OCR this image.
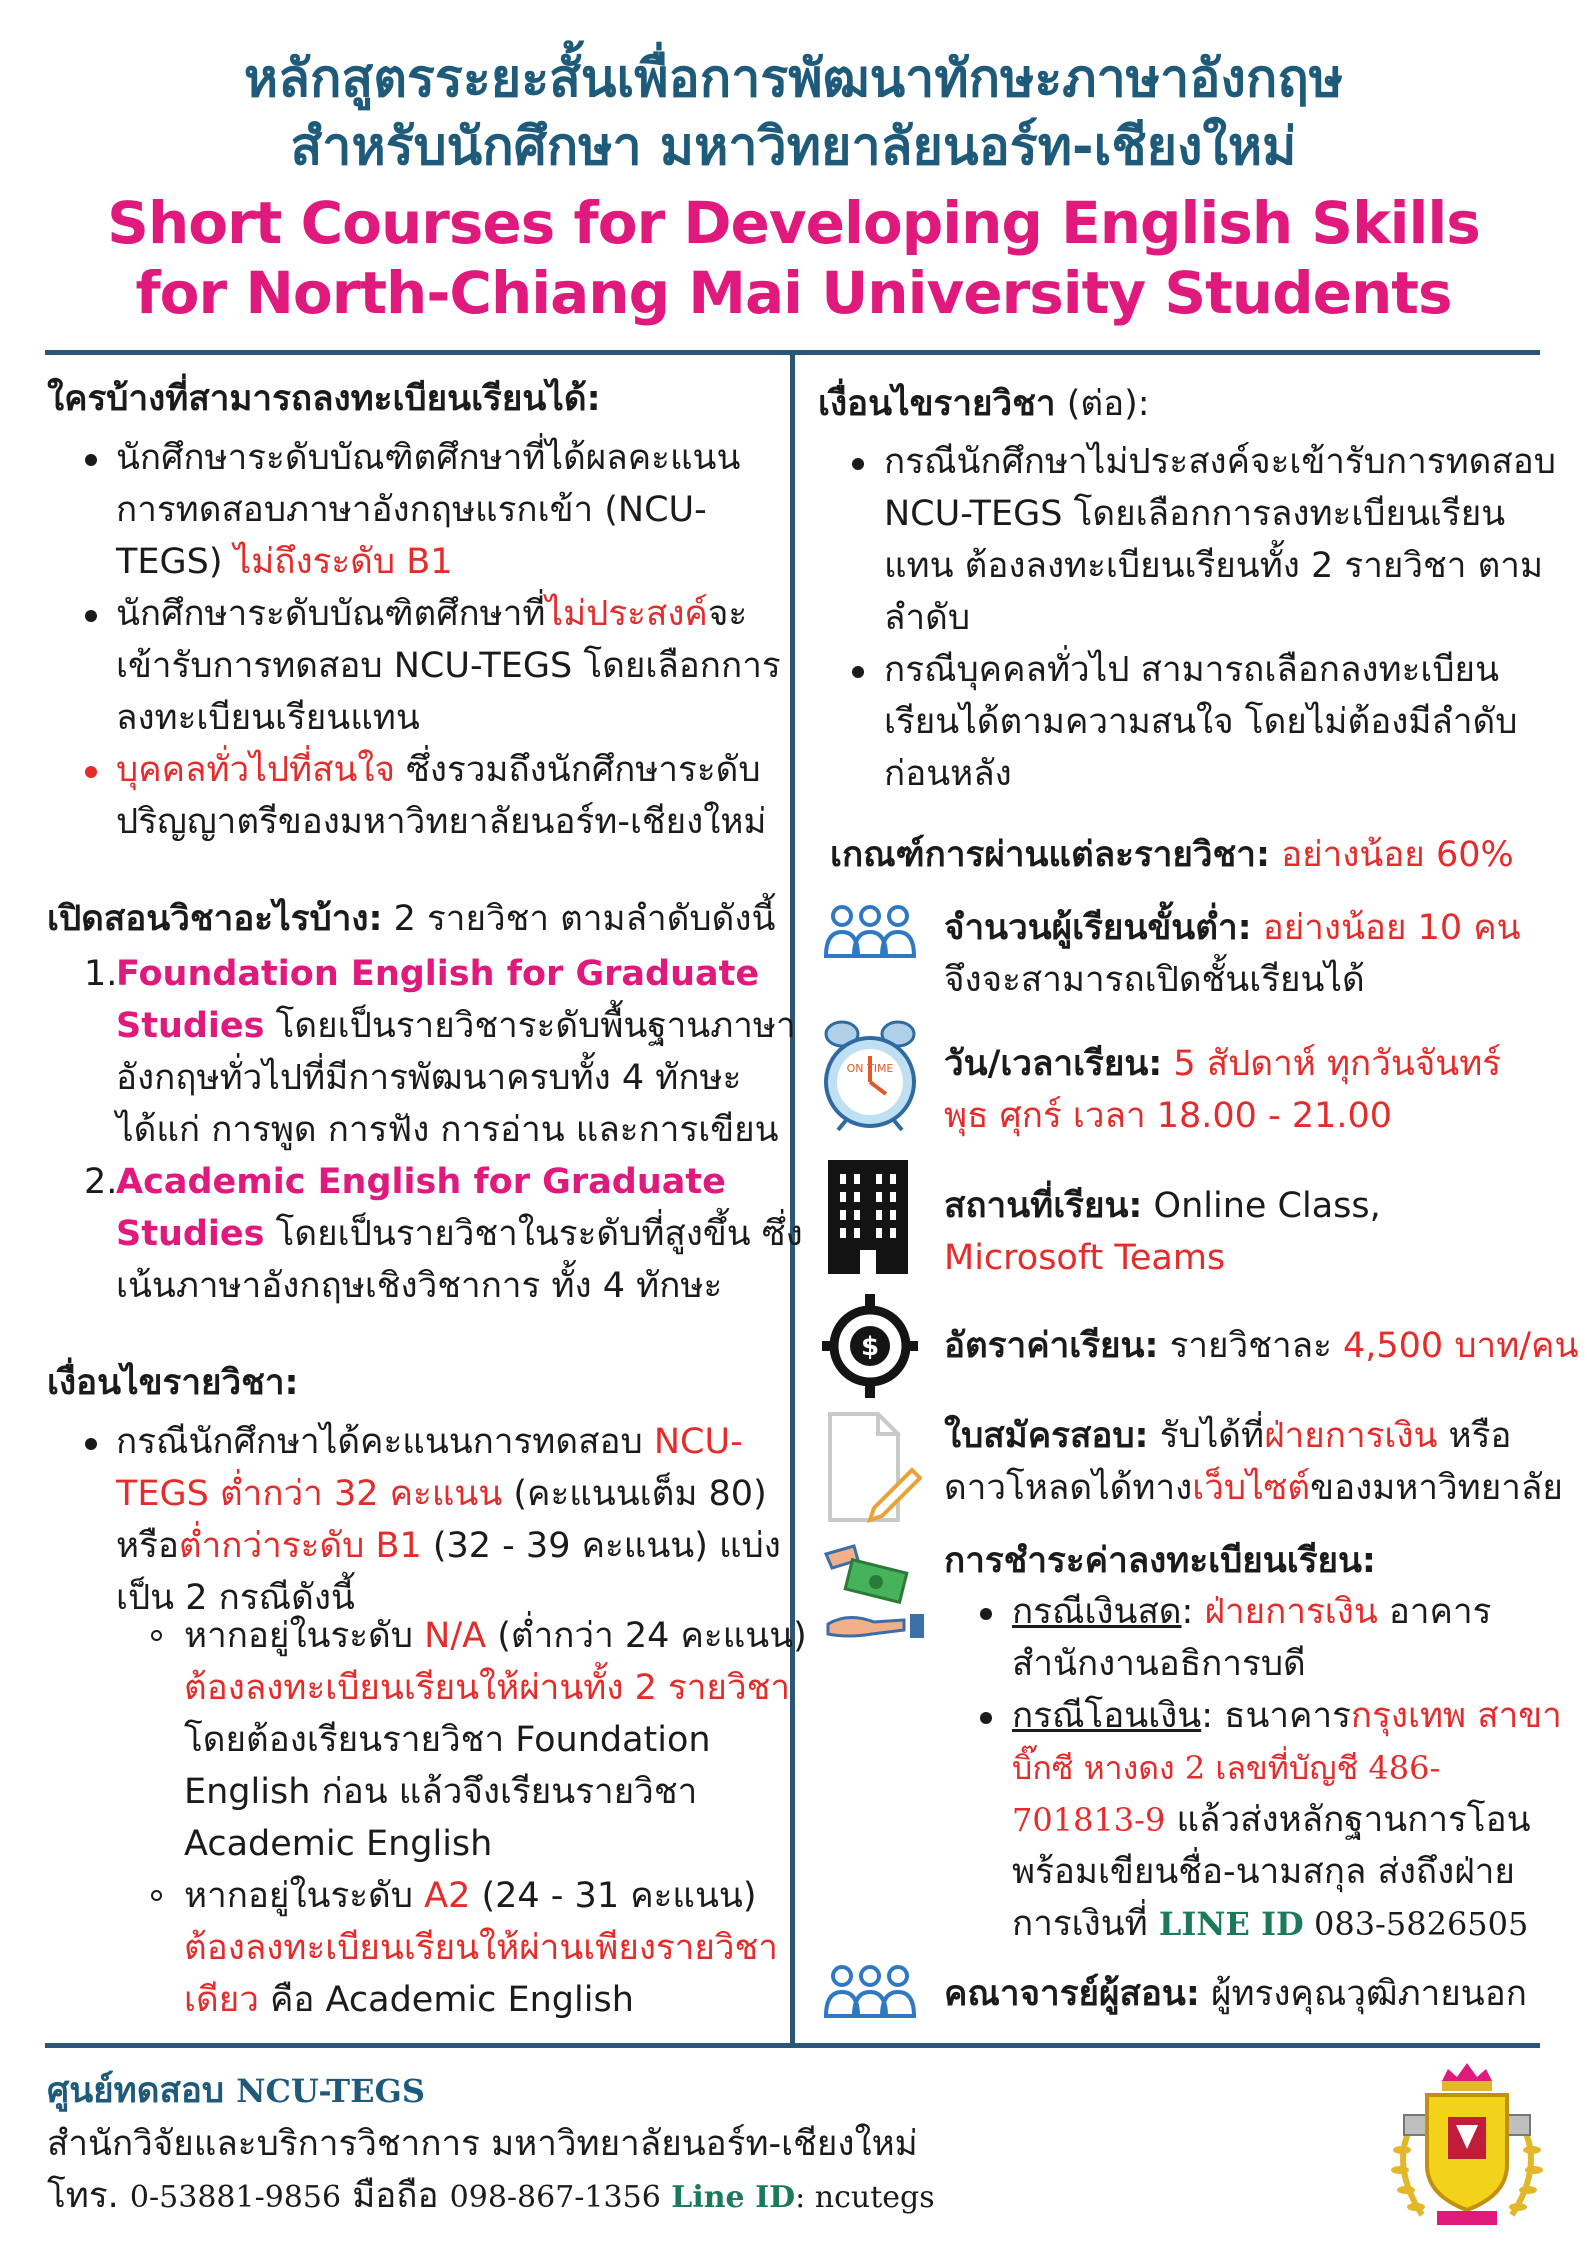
หลักสูตรระยะสั้นเพื่อการพัฒนาทักษะภาษาอังกฤษ
สำหรับนักศึกษา มหาวิทยาลัยนอร์ท-เชียงใหม่
Short Courses for Developing English Skills
for North-Chiang Mai University Students
ใครบ้างที่สามารถลงทะเบียนเรียนได้:
นักศึกษาระดับบัณฑิตศึกษาที่ได้ผลคะแนน
การทดสอบภาษาอังกฤษแรกเข้า (NCU-
TEGS) ไม่ถึงระดับ B1
นักศึกษาระดับบัณฑิตศึกษาที่ไม่ประสงค์จะ
เข้ารับการทดสอบ NCU-TEGS โดยเลือกการ
ลงทะเบียนเรียนแทน
บุคคลทั่วไปที่สนใจ ซึ่งรวมถึงนักศึกษาระดับ
ปริญญาตรีของมหาวิทยาลัยนอร์ท-เชียงใหม่
เปิดสอนวิชาอะไรบ้าง: 2 รายวิชา ตามลำดับดังนี้
1.
Foundation English for Graduate
Studies โดยเป็นรายวิชาระดับพื้นฐานภาษา
อังกฤษทั่วไปที่มีการพัฒนาครบทั้ง 4 ทักษะ
ได้แก่ การพูด การฟัง การอ่าน และการเขียน
2.
Academic English for Graduate
Studies โดยเป็นรายวิชาในระดับที่สูงขึ้น ซึ่ง
เน้นภาษาอังกฤษเชิงวิชาการ ทั้ง 4 ทักษะ
เงื่อนไขรายวิชา:
กรณีนักศึกษาได้คะแนนการทดสอบ NCU-
TEGS ต่ำกว่า 32 คะแนน (คะแนนเต็ม 80)
หรือต่ำกว่าระดับ B1 (32 - 39 คะแนน) แบ่ง
เป็น 2 กรณีดังนี้
หากอยู่ในระดับ N/A (ต่ำกว่า 24 คะแนน)
ต้องลงทะเบียนเรียนให้ผ่านทั้ง 2 รายวิชา
โดยต้องเรียนรายวิชา Foundation
English ก่อน แล้วจึงเรียนรายวิชา
Academic English
หากอยู่ในระดับ A2 (24 - 31 คะแนน)
ต้องลงทะเบียนเรียนให้ผ่านเพียงรายวิชา
เดียว คือ Academic English
เงื่อนไขรายวิชา (ต่อ):
กรณีนักศึกษาไม่ประสงค์จะเข้ารับการทดสอบ
NCU-TEGS โดยเลือกการลงทะเบียนเรียน
แทน ต้องลงทะเบียนเรียนทั้ง 2 รายวิชา ตาม
ลำดับ
กรณีบุคคลทั่วไป สามารถเลือกลงทะเบียน
เรียนได้ตามความสนใจ โดยไม่ต้องมีลำดับ
ก่อนหลัง
เกณฑ์การผ่านแต่ละรายวิชา: อย่างน้อย 60%
จำนวนผู้เรียนขั้นต่ำ: อย่างน้อย 10 คน
จึงจะสามารถเปิดชั้นเรียนได้
ON TIME วัน/เวลาเรียน: 5 สัปดาห์ ทุกวันจันทร์
พุธ ศุกร์ เวลา 18.00 - 21.00
สถานที่เรียน: Online Class,
Microsoft Teams
$ อัตราค่าเรียน: รายวิชาละ 4,500 บาท/คน
ใบสมัครสอบ: รับได้ที่ฝ่ายการเงิน หรือ
ดาวโหลดได้ทางเว็บไซต์ของมหาวิทยาลัย
การชำระค่าลงทะเบียนเรียน:
กรณีเงินสด: ฝ่ายการเงิน อาคาร
สำนักงานอธิการบดี
กรณีโอนเงิน: ธนาคารกรุงเทพ สาขา
บิ๊กซี หางดง 2 เลขที่บัญชี 486-
701813-9 แล้วส่งหลักฐานการโอน
พร้อมเขียนชื่อ-นามสกุล ส่งถึงฝ่าย
การเงินที่ LINE ID 083-5826505
คณาจารย์ผู้สอน: ผู้ทรงคุณวุฒิภายนอก
ศูนย์ทดสอบ NCU-TEGS
สำนักวิจัยและบริการวิชาการ มหาวิทยาลัยนอร์ท-เชียงใหม่
โทร. 0-53881-9856 มือถือ 098-867-1356 Line ID: ncutegs
